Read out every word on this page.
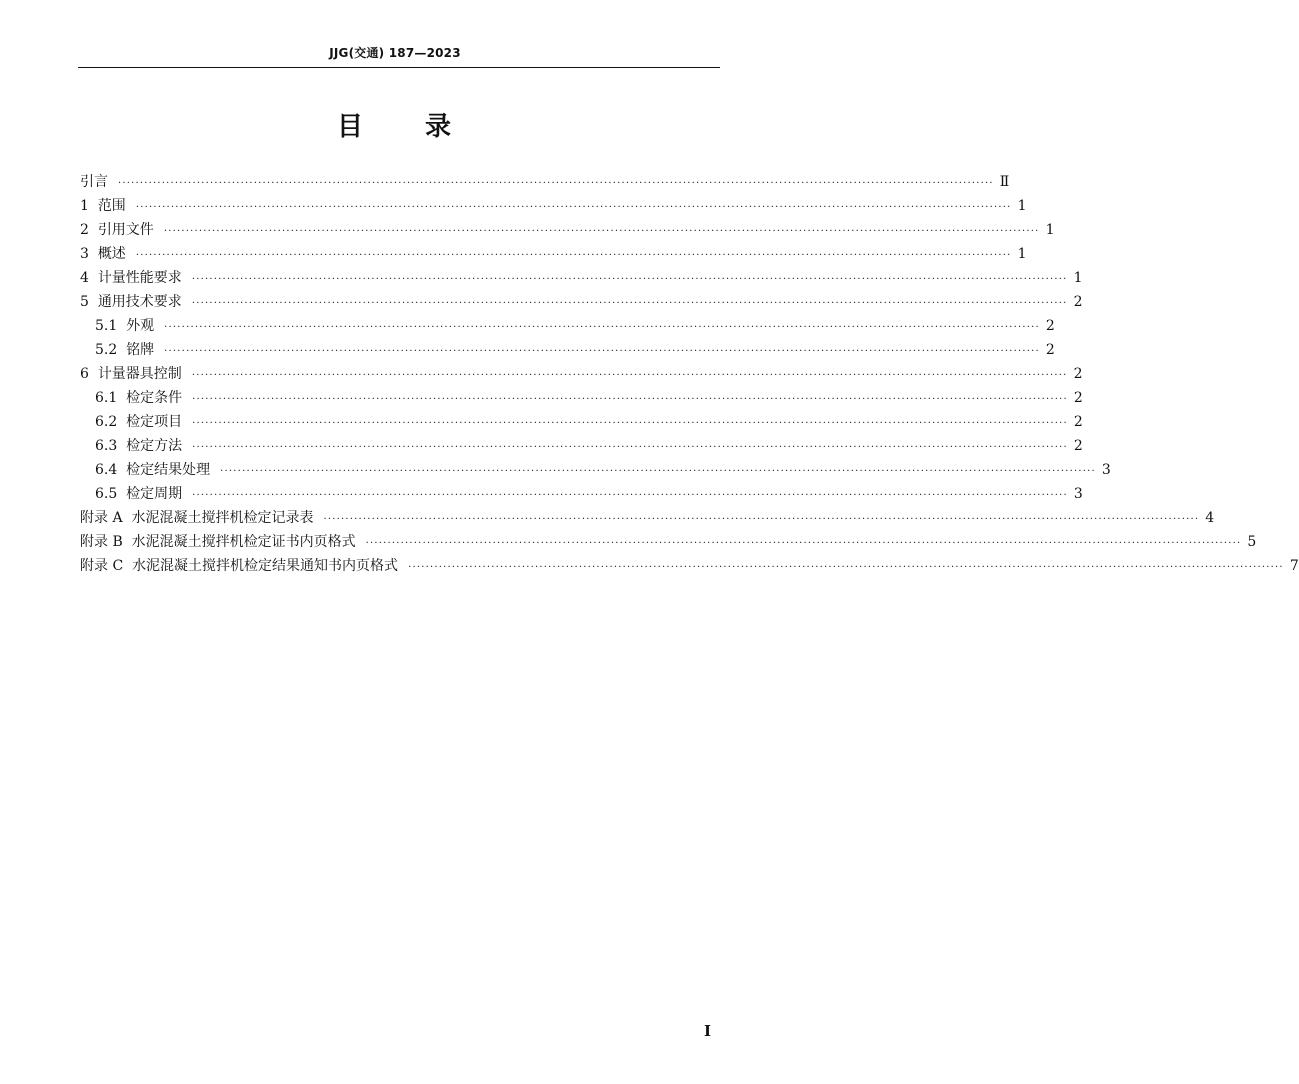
JJG(交通) 187—2023
目 录
引言 ········································································································································································································ Ⅱ
1 范围 ········································································································································································································ 1
2 引用文件 ········································································································································································································ 1
3 概述 ········································································································································································································ 1
4 计量性能要求 ········································································································································································································ 1
5 通用技术要求 ········································································································································································································ 2
5.1 外观 ········································································································································································································ 2
5.2 铭牌 ········································································································································································································ 2
6 计量器具控制 ········································································································································································································ 2
6.1 检定条件 ········································································································································································································ 2
6.2 检定项目 ········································································································································································································ 2
6.3 检定方法 ········································································································································································································ 2
6.4 检定结果处理 ········································································································································································································ 3
6.5 检定周期 ········································································································································································································ 3
附录 A 水泥混凝土搅拌机检定记录表 ········································································································································································································ 4
附录 B 水泥混凝土搅拌机检定证书内页格式 ········································································································································································································ 5
附录 C 水泥混凝土搅拌机检定结果通知书内页格式 ········································································································································································································ 7
I
